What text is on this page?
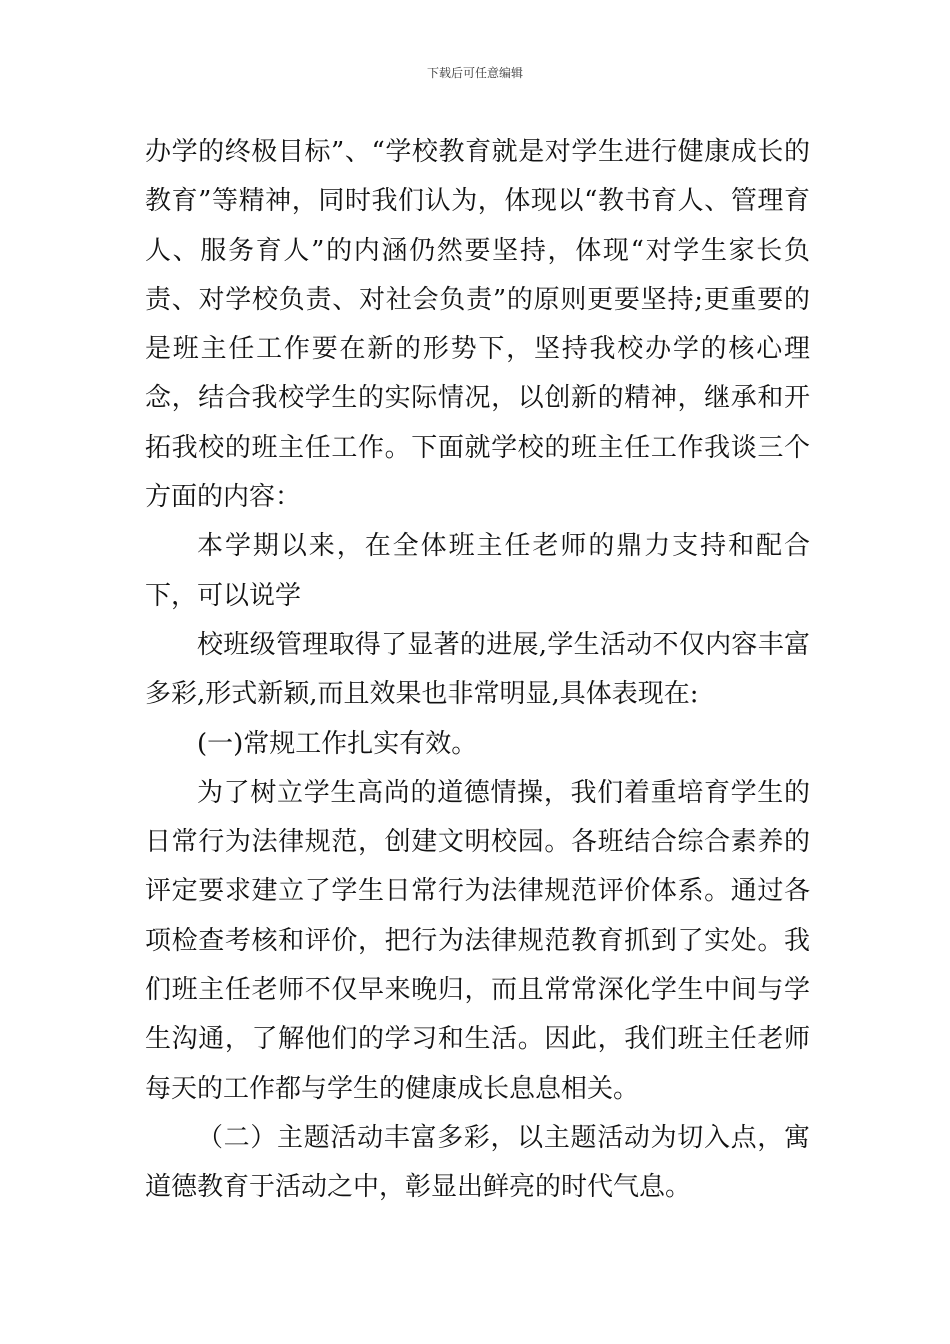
下载后可任意编辑

办学的终极目标”、“学校教育就是对学生进行健康成长的教育”等精神，同时我们认为，体现以“教书育人、管理育人、服务育人”的内涵仍然要坚持，体现“对学生家长负责、对学校负责、对社会负责”的原则更要坚持;更重要的是班主任工作要在新的形势下，坚持我校办学的核心理念，结合我校学生的实际情况，以创新的精神，继承和开拓我校的班主任工作。下面就学校的班主任工作我谈三个方面的内容：

本学期以来，在全体班主任老师的鼎力支持和配合下，可以说学

校班级管理取得了显著的进展,学生活动不仅内容丰富多彩,形式新颖,而且效果也非常明显,具体表现在:

(一)常规工作扎实有效。

为了树立学生高尚的道德情操，我们着重培育学生的日常行为法律规范，创建文明校园。各班结合综合素养的评定要求建立了学生日常行为法律规范评价体系。通过各项检查考核和评价，把行为法律规范教育抓到了实处。我们班主任老师不仅早来晚归，而且常常深化学生中间与学生沟通，了解他们的学习和生活。因此，我们班主任老师每天的工作都与学生的健康成长息息相关。

（二）主题活动丰富多彩，以主题活动为切入点，寓道德教育于活动之中，彰显出鲜亮的时代气息。
